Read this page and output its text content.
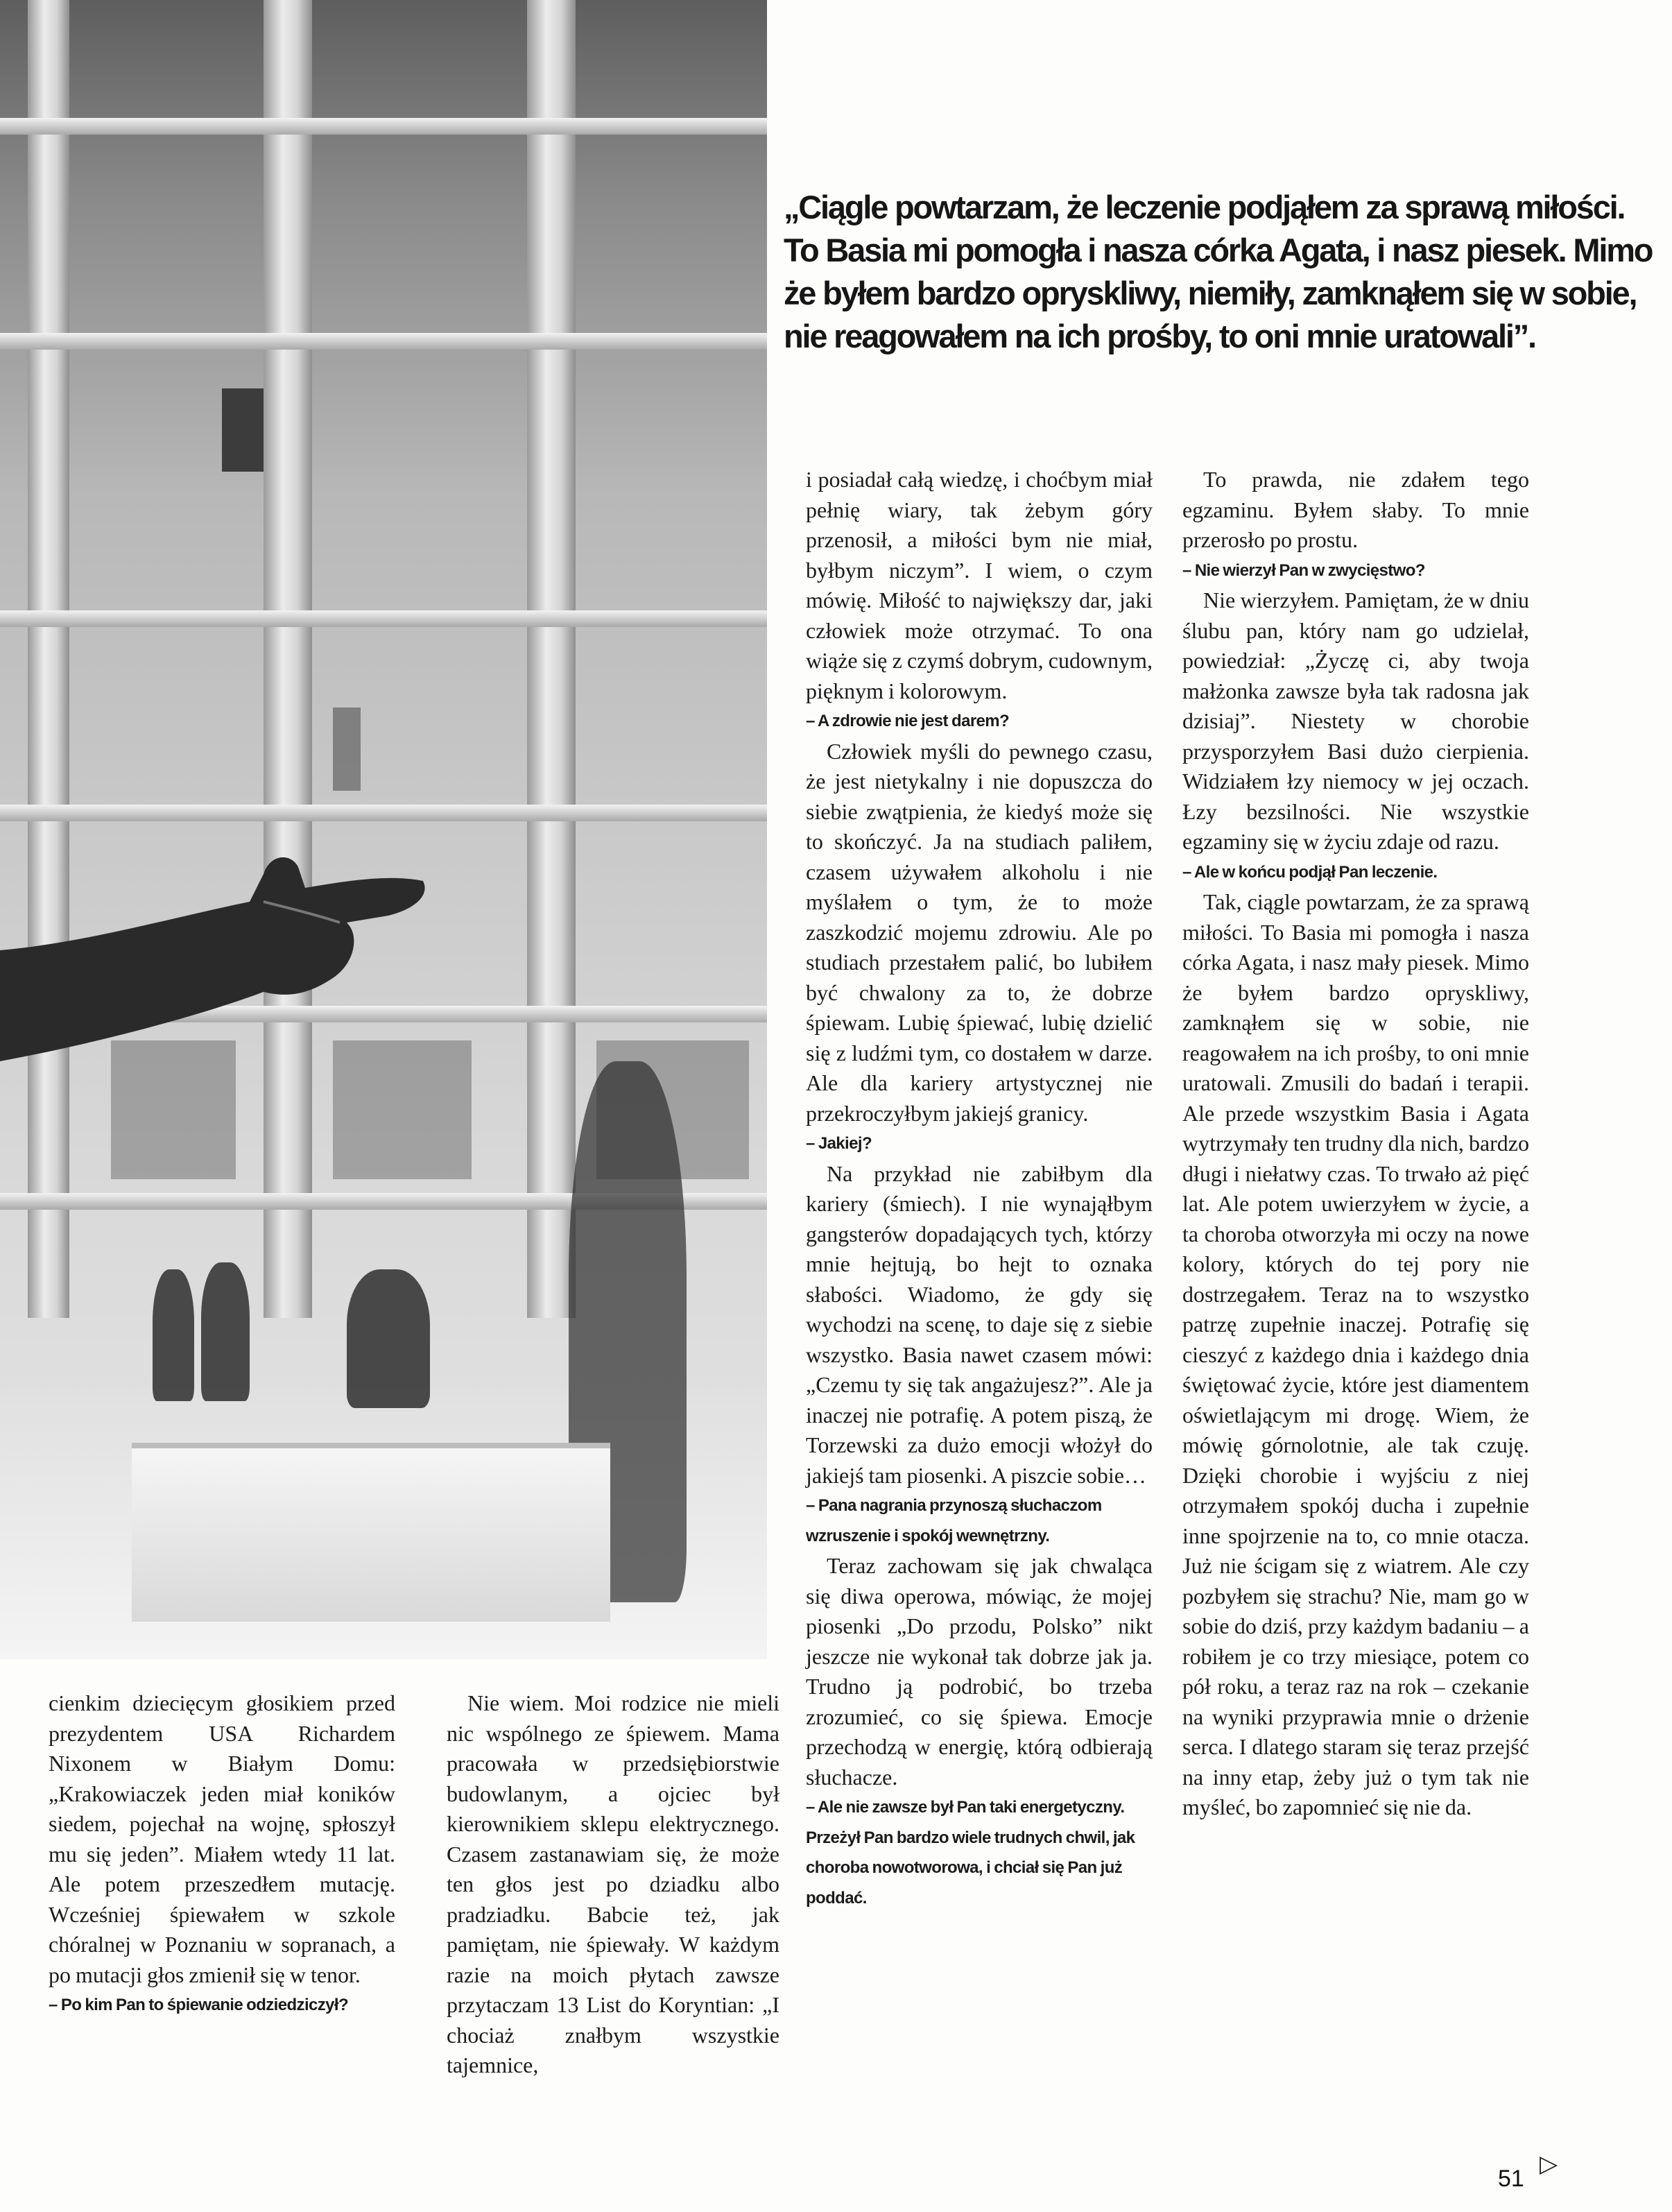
„Ciągle powtarzam, że leczenie podjąłem za sprawą miłości.
To Basia mi pomogła i nasza córka Agata, i nasz piesek. Mimo
że byłem bardzo opryskliwy, niemiły, zamknąłem się w sobie,
nie reagowałem na ich prośby, to oni mnie uratowali”.

cienkim dziecięcym głosikiem przed prezydentem USA Richardem Nixonem w Białym Domu: „Krakowiaczek jeden miał koników siedem, pojechał na wojnę, spłoszył mu się jeden”. Miałem wtedy 11 lat. Ale potem przeszedłem mutację. Wcześniej śpiewałem w szkole chóralnej w Poznaniu w sopranach, a po mutacji głos zmienił się w tenor.

– Po kim Pan to śpiewanie odziedziczył?

Nie wiem. Moi rodzice nie mieli nic wspólnego ze śpiewem. Mama pracowała w przedsiębiorstwie budowlanym, a ojciec był kierownikiem sklepu elektrycznego. Czasem zastanawiam się, że może ten głos jest po dziadku albo pradziadku. Babcie też, jak pamiętam, nie śpiewały. W każdym razie na moich płytach zawsze przytaczam 13 List do Koryntian: „I chociaż znałbym wszystkie tajemnice,

i posiadał całą wiedzę, i choćbym miał pełnię wiary, tak żebym góry przenosił, a miłości bym nie miał, byłbym niczym”. I wiem, o czym mówię. Miłość to największy dar, jaki człowiek może otrzymać. To ona wiąże się z czymś dobrym, cudownym, pięknym i kolorowym.

– A zdrowie nie jest darem?

Człowiek myśli do pewnego czasu, że jest nietykalny i nie dopuszcza do siebie zwątpienia, że kiedyś może się to skończyć. Ja na studiach paliłem, czasem używałem alkoholu i nie myślałem o tym, że to może zaszkodzić mojemu zdrowiu. Ale po studiach przestałem palić, bo lubiłem być chwalony za to, że dobrze śpiewam. Lubię śpiewać, lubię dzielić się z ludźmi tym, co dostałem w darze. Ale dla kariery artystycznej nie przekroczyłbym jakiejś granicy.

– Jakiej?

Na przykład nie zabiłbym dla kariery (śmiech). I nie wynająłbym gangsterów dopadających tych, którzy mnie hejtują, bo hejt to oznaka słabości. Wiadomo, że gdy się wychodzi na scenę, to daje się z siebie wszystko. Basia nawet czasem mówi: „Czemu ty się tak angażujesz?”. Ale ja inaczej nie potrafię. A potem piszą, że Torzewski za dużo emocji włożył do jakiejś tam piosenki. A piszcie sobie…

– Pana nagrania przynoszą słuchaczom wzruszenie i spokój wewnętrzny.

Teraz zachowam się jak chwaląca się diwa operowa, mówiąc, że mojej piosenki „Do przodu, Polsko” nikt jeszcze nie wykonał tak dobrze jak ja. Trudno ją podrobić, bo trzeba zrozumieć, co się śpiewa. Emocje przechodzą w energię, którą odbierają słuchacze.

– Ale nie zawsze był Pan taki energetyczny. Przeżył Pan bardzo wiele trudnych chwil, jak choroba nowotworowa, i chciał się Pan już poddać.

To prawda, nie zdałem tego egzaminu. Byłem słaby. To mnie przerosło po prostu.

– Nie wierzył Pan w zwycięstwo?

Nie wierzyłem. Pamiętam, że w dniu ślubu pan, który nam go udzielał, powiedział: „Życzę ci, aby twoja małżonka zawsze była tak radosna jak dzisiaj”. Niestety w chorobie przysporzyłem Basi dużo cierpienia. Widziałem łzy niemocy w jej oczach. Łzy bezsilności. Nie wszystkie egzaminy się w życiu zdaje od razu.

– Ale w końcu podjął Pan leczenie.

Tak, ciągle powtarzam, że za sprawą miłości. To Basia mi pomogła i nasza córka Agata, i nasz mały piesek. Mimo że byłem bardzo opryskliwy, zamknąłem się w sobie, nie reagowałem na ich prośby, to oni mnie uratowali. Zmusili do badań i terapii. Ale przede wszystkim Basia i Agata wytrzymały ten trudny dla nich, bardzo długi i niełatwy czas. To trwało aż pięć lat. Ale potem uwierzyłem w życie, a ta choroba otworzyła mi oczy na nowe kolory, których do tej pory nie dostrzegałem. Teraz na to wszystko patrzę zupełnie inaczej. Potrafię się cieszyć z każdego dnia i każdego dnia świętować życie, które jest diamentem oświetlającym mi drogę. Wiem, że mówię górnolotnie, ale tak czuję. Dzięki chorobie i wyjściu z niej otrzymałem spokój ducha i zupełnie inne spojrzenie na to, co mnie otacza. Już nie ścigam się z wiatrem. Ale czy pozbyłem się strachu? Nie, mam go w sobie do dziś, przy każdym badaniu – a robiłem je co trzy miesiące, potem co pół roku, a teraz raz na rok – czekanie na wyniki przyprawia mnie o drżenie serca. I dlatego staram się teraz przejść na inny etap, żeby już o tym tak nie myśleć, bo zapomnieć się nie da.

▷
51
